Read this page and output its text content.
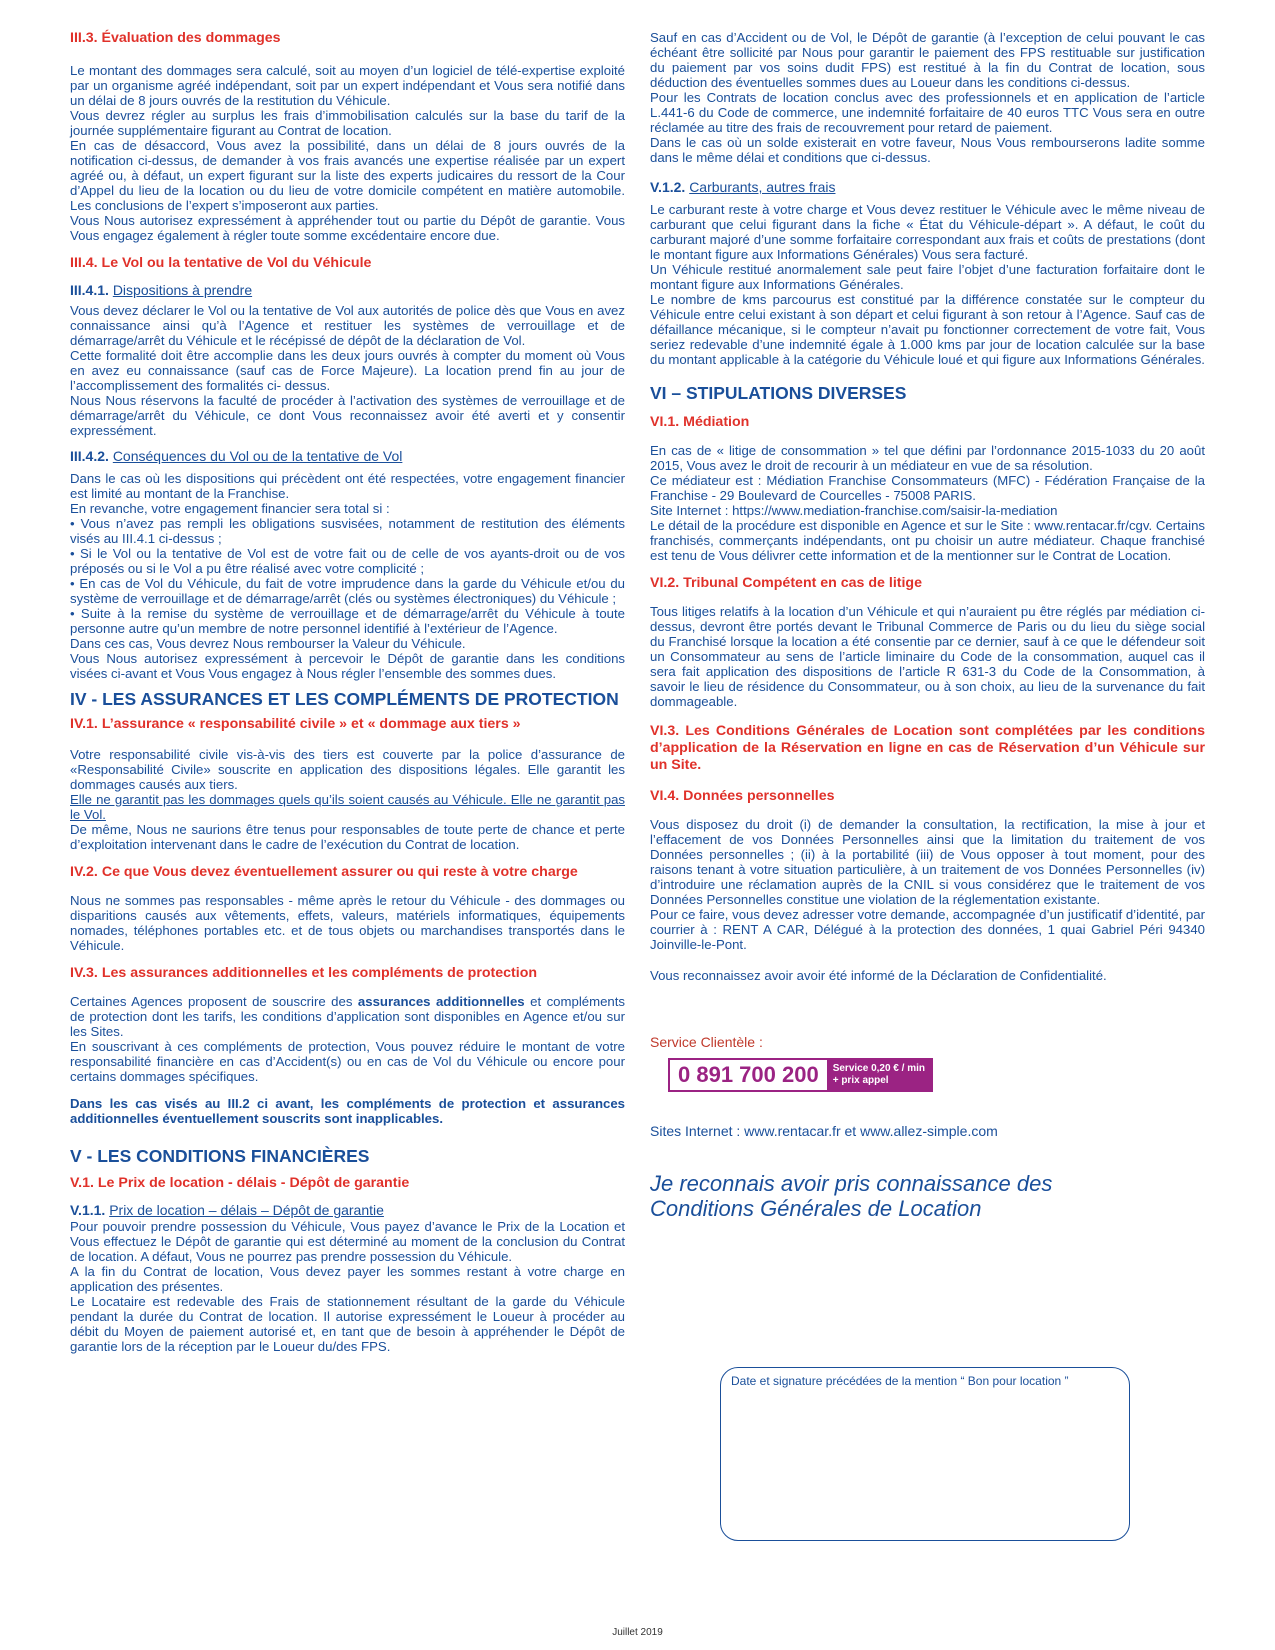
III.3. Évaluation des dommages

Le montant des dommages sera calculé, soit au moyen d’un logiciel de télé-expertise exploité par un organisme agréé indépendant, soit par un expert indépendant et Vous sera notifié dans un délai de 8 jours ouvrés de la restitution du Véhicule.

Vous devrez régler au surplus les frais d’immobilisation calculés sur la base du tarif de la journée supplémentaire figurant au Contrat de location.

En cas de désaccord, Vous avez la possibilité, dans un délai de 8 jours ouvrés de la notification ci-dessus, de demander à vos frais avancés une expertise réalisée par un expert agréé ou, à défaut, un expert figurant sur la liste des experts judicaires du ressort de la Cour d’Appel du lieu de la location ou du lieu de votre domicile compétent en matière automobile. Les conclusions de l’expert s’imposeront aux parties.

Vous Nous autorisez expressément à appréhender tout ou partie du Dépôt de garantie. Vous Vous engagez également à régler toute somme excédentaire encore due.

III.4. Le Vol ou la tentative de Vol du Véhicule
III.4.1. Dispositions à prendre

Vous devez déclarer le Vol ou la tentative de Vol aux autorités de police dès que Vous en avez connaissance ainsi qu’à l’Agence et restituer les systèmes de verrouillage et de démarrage/arrêt du Véhicule et le récépissé de dépôt de la déclaration de Vol.

Cette formalité doit être accomplie dans les deux jours ouvrés à compter du moment où Vous en avez eu connaissance (sauf cas de Force Majeure). La location prend fin au jour de l’accomplissement des formalités ci- dessus.

Nous Nous réservons la faculté de procéder à l’activation des systèmes de verrouillage et de démarrage/arrêt du Véhicule, ce dont Vous reconnaissez avoir été averti et y consentir expressément.

III.4.2. Conséquences du Vol ou de la tentative de Vol

Dans le cas où les dispositions qui précèdent ont été respectées, votre engagement financier est limité au montant de la Franchise.

En revanche, votre engagement financier sera total si :

• Vous n’avez pas rempli les obligations susvisées, notamment de restitution des éléments visés au III.4.1 ci-dessus ;

• Si le Vol ou la tentative de Vol est de votre fait ou de celle de vos ayants-droit ou de vos préposés ou si le Vol a pu être réalisé avec votre complicité ;

• En cas de Vol du Véhicule, du fait de votre imprudence dans la garde du Véhicule et/ou du système de verrouillage et de démarrage/arrêt (clés ou systèmes électroniques) du Véhicule ;

• Suite à la remise du système de verrouillage et de démarrage/arrêt du Véhicule à toute personne autre qu’un membre de notre personnel identifié à l’extérieur de l’Agence.

Dans ces cas, Vous devrez Nous rembourser la Valeur du Véhicule.

Vous Nous autorisez expressément à percevoir le Dépôt de garantie dans les conditions visées ci-avant et Vous Vous engagez à Nous régler l’ensemble des sommes dues.

IV - LES ASSURANCES ET LES COMPLÉMENTS DE PROTECTION
IV.1. L’assurance « responsabilité civile » et « dommage aux tiers »

Votre responsabilité civile vis-à-vis des tiers est couverte par la police d’assurance de «Responsabilité Civile» souscrite en application des dispositions légales. Elle garantit les dommages causés aux tiers.

Elle ne garantit pas les dommages quels qu’ils soient causés au Véhicule. Elle ne garantit pas le Vol.

De même, Nous ne saurions être tenus pour responsables de toute perte de chance et perte d’exploitation intervenant dans le cadre de l’exécution du Contrat de location.

IV.2. Ce que Vous devez éventuellement assurer ou qui reste à votre charge

Nous ne sommes pas responsables - même après le retour du Véhicule - des dommages ou disparitions causés aux vêtements, effets, valeurs, matériels informatiques, équipements nomades, téléphones portables etc. et de tous objets ou marchandises transportés dans le Véhicule.

IV.3. Les assurances additionnelles et les compléments de protection

Certaines Agences proposent de souscrire des assurances additionnelles et compléments de protection dont les tarifs, les conditions d’application sont disponibles en Agence et/ou sur les Sites.

En souscrivant à ces compléments de protection, Vous pouvez réduire le montant de votre responsabilité financière en cas d’Accident(s) ou en cas de Vol du Véhicule ou encore pour certains dommages spécifiques.

Dans les cas visés au III.2 ci avant, les compléments de protection et assurances additionnelles éventuellement souscrits sont inapplicables.

V - LES CONDITIONS FINANCIÈRES
V.1. Le Prix de location - délais - Dépôt de garantie
V.1.1. Prix de location – délais – Dépôt de garantie

Pour pouvoir prendre possession du Véhicule, Vous payez d’avance le Prix de la Location et Vous effectuez le Dépôt de garantie qui est déterminé au moment de la conclusion du Contrat de location. A défaut, Vous ne pourrez pas prendre possession du Véhicule.

A la fin du Contrat de location, Vous devez payer les sommes restant à votre charge en application des présentes.

Le Locataire est redevable des Frais de stationnement résultant de la garde du Véhicule pendant la durée du Contrat de location. Il autorise expressément le Loueur à procéder au débit du Moyen de paiement autorisé et, en tant que de besoin à appréhender le Dépôt de garantie lors de la réception par le Loueur du/des FPS.

Sauf en cas d’Accident ou de Vol, le Dépôt de garantie (à l’exception de celui pouvant le cas échéant être sollicité par Nous pour garantir le paiement des FPS restituable sur justification du paiement par vos soins dudit FPS) est restitué à la fin du Contrat de location, sous déduction des éventuelles sommes dues au Loueur dans les conditions ci-dessus.

Pour les Contrats de location conclus avec des professionnels et en application de l’article L.441-6 du Code de commerce, une indemnité forfaitaire de 40 euros TTC Vous sera en outre réclamée au titre des frais de recouvrement pour retard de paiement.

Dans le cas où un solde existerait en votre faveur, Nous Vous rembourserons ladite somme dans le même délai et conditions que ci-dessus.

V.1.2. Carburants, autres frais

Le carburant reste à votre charge et Vous devez restituer le Véhicule avec le même niveau de carburant que celui figurant dans la fiche « État du Véhicule-départ ». A défaut, le coût du carburant majoré d’une somme forfaitaire correspondant aux frais et coûts de prestations (dont le montant figure aux Informations Générales) Vous sera facturé.

Un Véhicule restitué anormalement sale peut faire l’objet d’une facturation forfaitaire dont le montant figure aux Informations Générales.

Le nombre de kms parcourus est constitué par la différence constatée sur le compteur du Véhicule entre celui existant à son départ et celui figurant à son retour à l’Agence. Sauf cas de défaillance mécanique, si le compteur n’avait pu fonctionner correctement de votre fait, Vous seriez redevable d’une indemnité égale à 1.000 kms par jour de location calculée sur la base du montant applicable à la catégorie du Véhicule loué et qui figure aux Informations Générales.

VI – STIPULATIONS DIVERSES
VI.1. Médiation

En cas de « litige de consommation » tel que défini par l’ordonnance 2015-1033 du 20 août 2015, Vous avez le droit de recourir à un médiateur en vue de sa résolution.

Ce médiateur est : Médiation Franchise Consommateurs (MFC) - Fédération Française de la Franchise - 29 Boulevard de Courcelles - 75008 PARIS.

Site Internet : https://www.mediation-franchise.com/saisir-la-mediation

Le détail de la procédure est disponible en Agence et sur le Site : www.rentacar.fr/cgv. Certains franchisés, commerçants indépendants, ont pu choisir un autre médiateur. Chaque franchisé est tenu de Vous délivrer cette information et de la mentionner sur le Contrat de Location.

VI.2. Tribunal Compétent en cas de litige

Tous litiges relatifs à la location d’un Véhicule et qui n’auraient pu être réglés par médiation ci-dessus, devront être portés devant le Tribunal Commerce de Paris ou du lieu du siège social du Franchisé lorsque la location a été consentie par ce dernier, sauf à ce que le défendeur soit un Consommateur au sens de l’article liminaire du Code de la consommation, auquel cas il sera fait application des dispositions de l’article R 631-3 du Code de la Consommation, à savoir le lieu de résidence du Consommateur, ou à son choix, au lieu de la survenance du fait dommageable.

VI.3. Les Conditions Générales de Location sont complétées par les conditions d’application de la Réservation en ligne en cas de Réservation d’un Véhicule sur un Site.
VI.4. Données personnelles

Vous disposez du droit (i) de demander la consultation, la rectification, la mise à jour et l’effacement de vos Données Personnelles ainsi que la limitation du traitement de vos Données personnelles ; (ii) à la portabilité (iii) de Vous opposer à tout moment, pour des raisons tenant à votre situation particulière, à un traitement de vos Données Personnelles (iv) d’introduire une réclamation auprès de la CNIL si vous considérez que le traitement de vos Données Personnelles constitue une violation de la réglementation existante.

Pour ce faire, vous devez adresser votre demande, accompagnée d’un justificatif d’identité, par courrier à : RENT A CAR, Délégué à la protection des données, 1 quai Gabriel Péri 94340 Joinville-le-Pont.

Vous reconnaissez avoir avoir été informé de la Déclaration de Confidentialité.

Service Clientèle :

0 891 700 200	Service 0,20 € / min
+ prix appel

Sites Internet : www.rentacar.fr et www.allez-simple.com

Je reconnais avoir pris connaissance des

Conditions Générales de Location

Date et signature précédées de la mention “ Bon pour location ”
Juillet 2019
